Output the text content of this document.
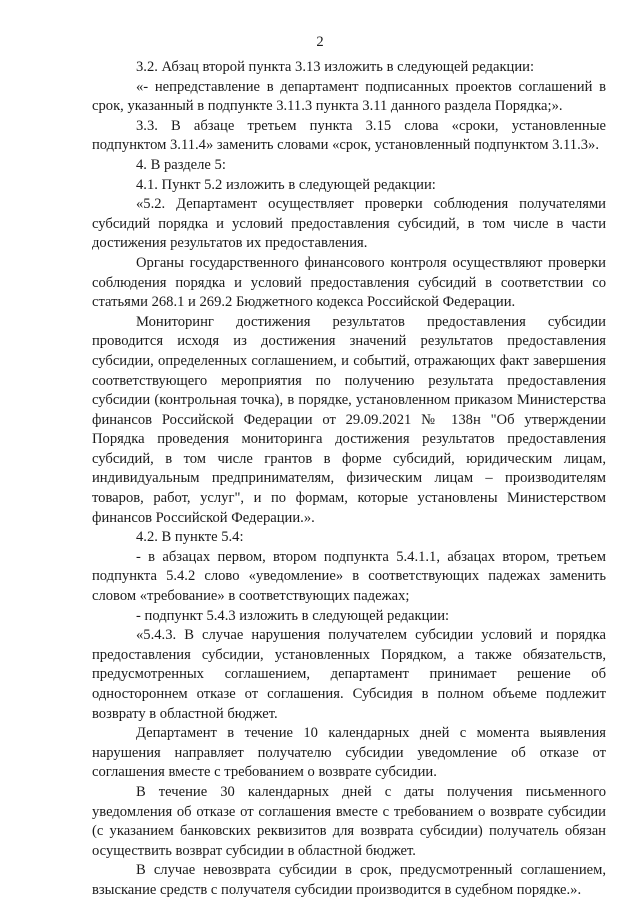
2

3.2. Абзац второй пункта 3.13 изложить в следующей редакции:

«- непредставление в департамент подписанных проектов соглашений в срок, указанный в подпункте 3.11.3 пункта 3.11 данного раздела Порядка;».

3.3. В абзаце третьем пункта 3.15 слова «сроки, установленные подпунктом 3.11.4» заменить словами «срок, установленный подпунктом 3.11.3».

4. В разделе 5:

4.1. Пункт 5.2 изложить в следующей редакции:

«5.2. Департамент осуществляет проверки соблюдения получателями субсидий порядка и условий предоставления субсидий, в том числе в части достижения результатов их предоставления.

Органы государственного финансового контроля осуществляют проверки соблюдения порядка и условий предоставления субсидий в соответствии со статьями 268.1 и 269.2 Бюджетного кодекса Российской Федерации.

Мониторинг достижения результатов предоставления субсидии проводится исходя из достижения значений результатов предоставления субсидии, определенных соглашением, и событий, отражающих факт завершения соответствующего мероприятия по получению результата предоставления субсидии (контрольная точка), в порядке, установленном приказом Министерства финансов Российской Федерации от 29.09.2021 № 138н "Об утверждении Порядка проведения мониторинга достижения результатов предоставления субсидий, в том числе грантов в форме субсидий, юридическим лицам, индивидуальным предпринимателям, физическим лицам – производителям товаров, работ, услуг", и по формам, которые установлены Министерством финансов Российской Федерации.».

4.2. В пункте 5.4:

- в абзацах первом, втором подпункта 5.4.1.1, абзацах втором, третьем подпункта 5.4.2 слово «уведомление» в соответствующих падежах заменить словом «требование» в соответствующих падежах;

- подпункт 5.4.3 изложить в следующей редакции:

«5.4.3. В случае нарушения получателем субсидии условий и порядка предоставления субсидии, установленных Порядком, а также обязательств, предусмотренных соглашением, департамент принимает решение об одностороннем отказе от соглашения. Субсидия в полном объеме подлежит возврату в областной бюджет.

Департамент в течение 10 календарных дней с момента выявления нарушения направляет получателю субсидии уведомление об отказе от соглашения вместе с требованием о возврате субсидии.

В течение 30 календарных дней с даты получения письменного уведомления об отказе от соглашения вместе с требованием о возврате субсидии (с указанием банковских реквизитов для возврата субсидии) получатель обязан осуществить возврат субсидии в областной бюджет.

В случае невозврата субсидии в срок, предусмотренный соглашением, взыскание средств с получателя субсидии производится в судебном порядке.».
